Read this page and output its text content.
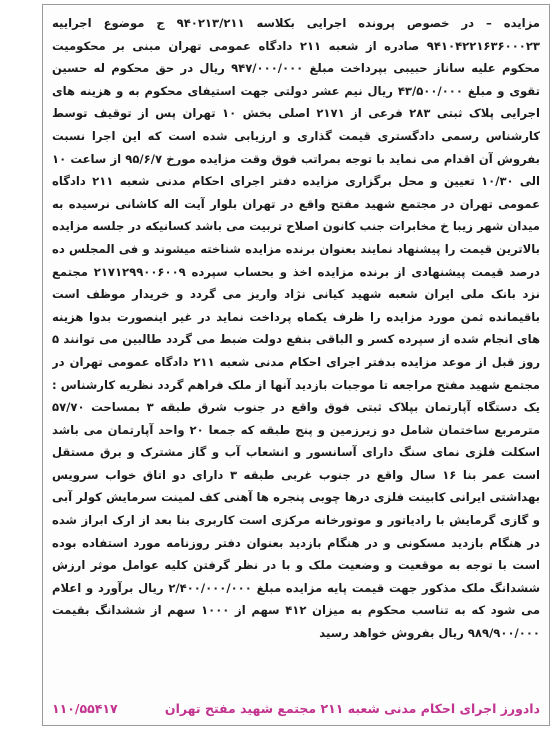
مزایده – در خصوص پرونده اجرایی بکلاسه ۹۴۰۲۱۳/۲۱۱ ج موضوع اجراییه ۹۴۱۰۴۲۲۱۶۳۶۰۰۰۲۳ صادره از شعبه ۲۱۱ دادگاه عمومی تهران مبنی بر محکومیت محکوم علیه ساناز حبیبی بپرداخت مبلغ ۹۴۷/۰۰۰/۰۰۰ ریال در حق محکوم له حسین تقوی و مبلغ ۴۳/۵۰۰/۰۰۰ ریال نیم عشر دولتی جهت استیفای محکوم به و هزینه های اجرایی پلاک ثبتی ۲۸۳ فرعی از ۲۱۷۱ اصلی بخش ۱۰ تهران پس از توقیف توسط کارشناس رسمی دادگستری قیمت گذاری و ارزیابی شده است که این اجرا نسبت بفروش آن اقدام می نماید با توجه بمراتب فوق وقت مزایده مورخ ۹۵/۶/۷ از ساعت ۱۰ الی ۱۰/۳۰ تعیین و محل برگزاری مزایده دفتر اجرای احکام مدنی شعبه ۲۱۱ دادگاه عمومی تهران در مجتمع شهید مفتح واقع در تهران بلوار آیت اله کاشانی نرسیده به میدان شهر زیبا خ مخابرات جنب کانون اصلاح تربیت می باشد کسانیکه در جلسه مزایده بالاترین قیمت را پیشنهاد نمایند بعنوان برنده مزایده شناخته میشوند و فی المجلس ده درصد قیمت پیشنهادی از برنده مزایده اخذ و بحساب سپرده ۲۱۷۱۲۹۹۰۰۶۰۰۹ مجتمع نزد بانک ملی ایران شعبه شهید کیانی نژاد واریز می گردد و خریدار موظف است باقیمانده ثمن مورد مزایده را ظرف یکماه پرداخت نماید در غیر اینصورت بدوا هزینه های انجام شده از سپرده کسر و الباقی بنفع دولت ضبط می گردد طالبین می توانند ۵ روز قبل از موعد مزایده بدفتر اجرای احکام مدنی شعبه ۲۱۱ دادگاه عمومی تهران در مجتمع شهید مفتح مراجعه تا موجبات بازدید آنها از ملک فراهم گردد نظریه کارشناس : یک دستگاه آپارتمان بپلاک ثبتی فوق واقع در جنوب شرق طبقه ۳ بمساحت ۵۷/۷۰ مترمربع ساختمان شامل دو زیرزمین و پنج طبقه که جمعا ۲۰ واحد آپارتمان می باشد اسکلت فلزی نمای سنگ دارای آسانسور و انشعاب آب و گاز مشترک و برق مستقل است عمر بنا ۱۶ سال واقع در جنوب غربی طبقه ۳ دارای دو اتاق خواب سرویس بهداشتی ایرانی کابینت فلزی درها چوبی پنجره ها آهنی کف لمینت سرمایش کولر آبی و گازی گرمایش با رادیاتور و موتورخانه مرکزی است کاربری بنا بعد از ارک ابراز شده در هنگام بازدید مسکونی و در هنگام بازدید بعنوان دفتر روزنامه مورد استفاده بوده است با توجه به موقعیت و وضعیت ملک و با در نظر گرفتن کلیه عوامل موثر ارزش ششدانگ ملک مذکور جهت قیمت پایه مزایده مبلغ ۲/۴۰۰/۰۰۰/۰۰۰ ریال برآورد و اعلام می شود که به تناسب محکوم به میزان ۴۱۲ سهم از ۱۰۰۰ سهم از ششدانگ بقیمت ۹۸۹/۹۰۰/۰۰۰ ریال بفروش خواهد رسید
دادورز اجرای احکام مدنی شعبه ۲۱۱ مجتمع شهید مفتح تهران
۱۱۰/۵۵۴۱۷
